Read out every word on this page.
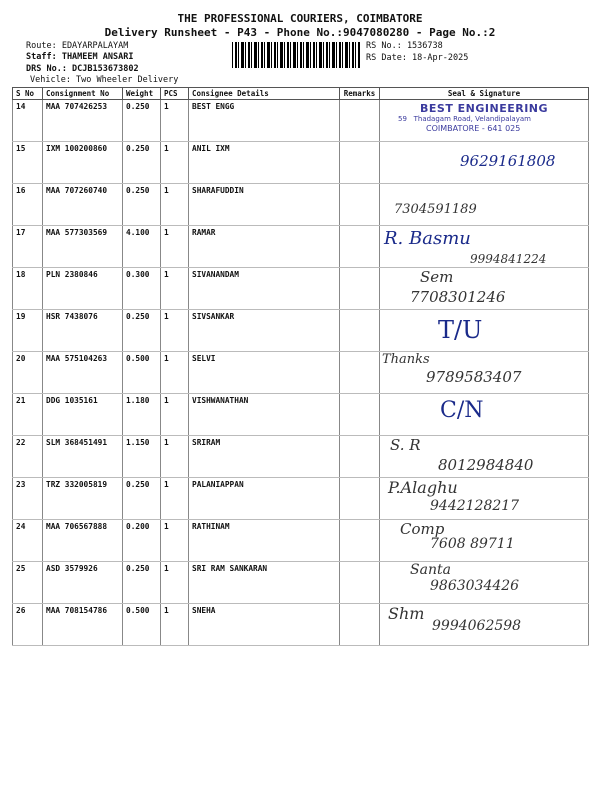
THE PROFESSIONAL COURIERS, COIMBATORE
Delivery Runsheet - P43 - Phone No.:9047080280 - Page No.:2
Route: EDAYARPALAYAM
Staff: THAMEEM ANSARI
DRS No.: DCJB153673802
Vehicle: Two Wheeler Delivery
RS No.: 1536738
RS Date: 18-Apr-2025
S No	Consignment No	Weight	PCS	Consignee Details	Remarks	Seal & Signature
14	MAA 707426253	0.250	1	BEST ENGG		BEST ENGINEERING
59 Thadagam Road, Velandipalayam
COIMBATORE - 641 025

15	IXM 100200860	0.250	1	ANIL IXM		9629161808

16	MAA 707260740	0.250	1	SHARAFUDDIN		7304591189

17	MAA 577303569	4.100	1	RAMAR		R. Basmu
9994841224

18	PLN 2380846	0.300	1	SIVANANDAM		Sem
7708301246

19	HSR 7438076	0.250	1	SIVSANKAR		T/U

20	MAA 575104263	0.500	1	SELVI		Thanks
9789583407

21	DDG 1035161	1.180	1	VISHWANATHAN		C/N

22	SLM 368451491	1.150	1	SRIRAM		S. R
8012984840

23	TRZ 332005819	0.250	1	PALANIAPPAN		P.Alaghu
9442128217

24	MAA 706567888	0.200	1	RATHINAM		Comp
7608 89711

25	ASD 3579926	0.250	1	SRI RAM SANKARAN		Santa
9863034426

26	MAA 708154786	0.500	1	SNEHA		Shm
9994062598
